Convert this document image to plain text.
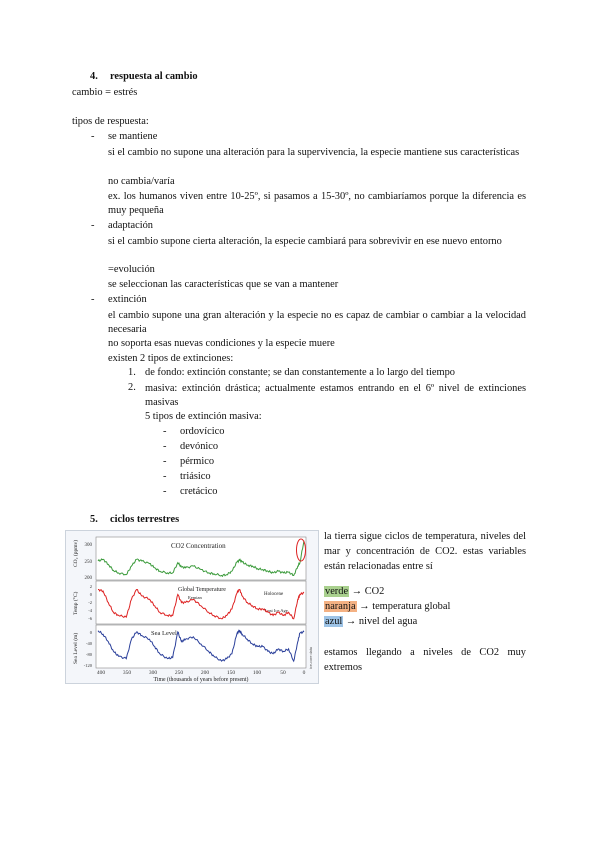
4. respuesta al cambio
cambio = estrés
tipos de respuesta:
- se mantiene
si el cambio no supone una alteración para la supervivencia, la especie mantiene sus características
no cambia/varía
ex. los humanos viven entre 10-25º, si pasamos a 15-30º, no cambiaríamos porque la diferencia es muy pequeña
- adaptación
si el cambio supone cierta alteración, la especie cambiará para sobrevivir en ese nuevo entorno
=evolución
se seleccionan las características que se van a mantener
- extinción
el cambio supone una gran alteración y la especie no es capaz de cambiar o cambiar a la velocidad necesaria
no soporta esas nuevas condiciones y la especie muere
existen 2 tipos de extinciones:
1. de fondo: extinción constante; se dan constantemente a lo largo del tiempo
2. masiva: extinción drástica; actualmente estamos entrando en el 6º nivel de extinciones masivas
5 tipos de extinción masiva:
- ordovícico
- devónico
- pérmico
- triásico
- cretácico
5. ciclos terrestres
CO2 Concentration
Global Temperature
Sea Level
Holocene
Eemian
Last Ice Age
CO₂ (ppmv)
Temp (°C)
Sea Level (m)	ice-core data
300
250
200
2
0
-2
-4
-6
0
-40
-80
-120
400	350	300	250	200	150	100	50	0
Time (thousands of years before present)
la tierra sigue ciclos de temperatura, niveles del mar y concentración de CO2. estas variables están relacionadas entre sí
verde → CO2
naranja → temperatura global
azul → nivel del agua
estamos llegando a niveles de CO2 muy extremos
